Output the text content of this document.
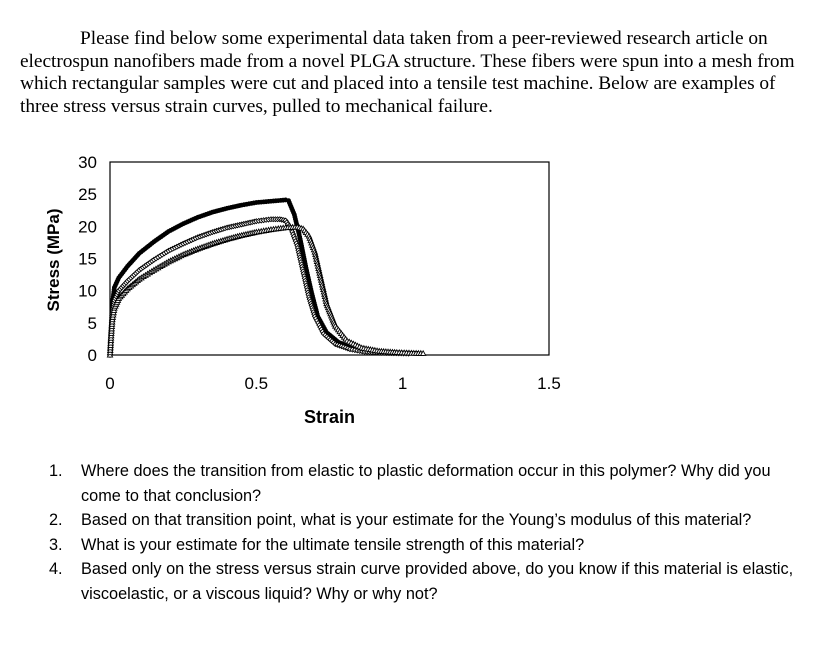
Please find below some experimental data taken from a peer-reviewed research article on electrospun nanofibers made from a novel PLGA structure. These fibers were spun into a mesh from which rectangular samples were cut and placed into a tensile test machine. Below are examples of three stress versus strain curves, pulled to mechanical failure.

0
5
10
15
20
25
30
0	0.5	1	1.5
Strain
Stress (MPa)
1. Where does the transition from elastic to plastic deformation occur in this polymer? Why did you come to that conclusion?
2. Based on that transition point, what is your estimate for the Young’s modulus of this material?
3. What is your estimate for the ultimate tensile strength of this material?
4. Based only on the stress versus strain curve provided above, do you know if this material is elastic, viscoelastic, or a viscous liquid? Why or why not?
